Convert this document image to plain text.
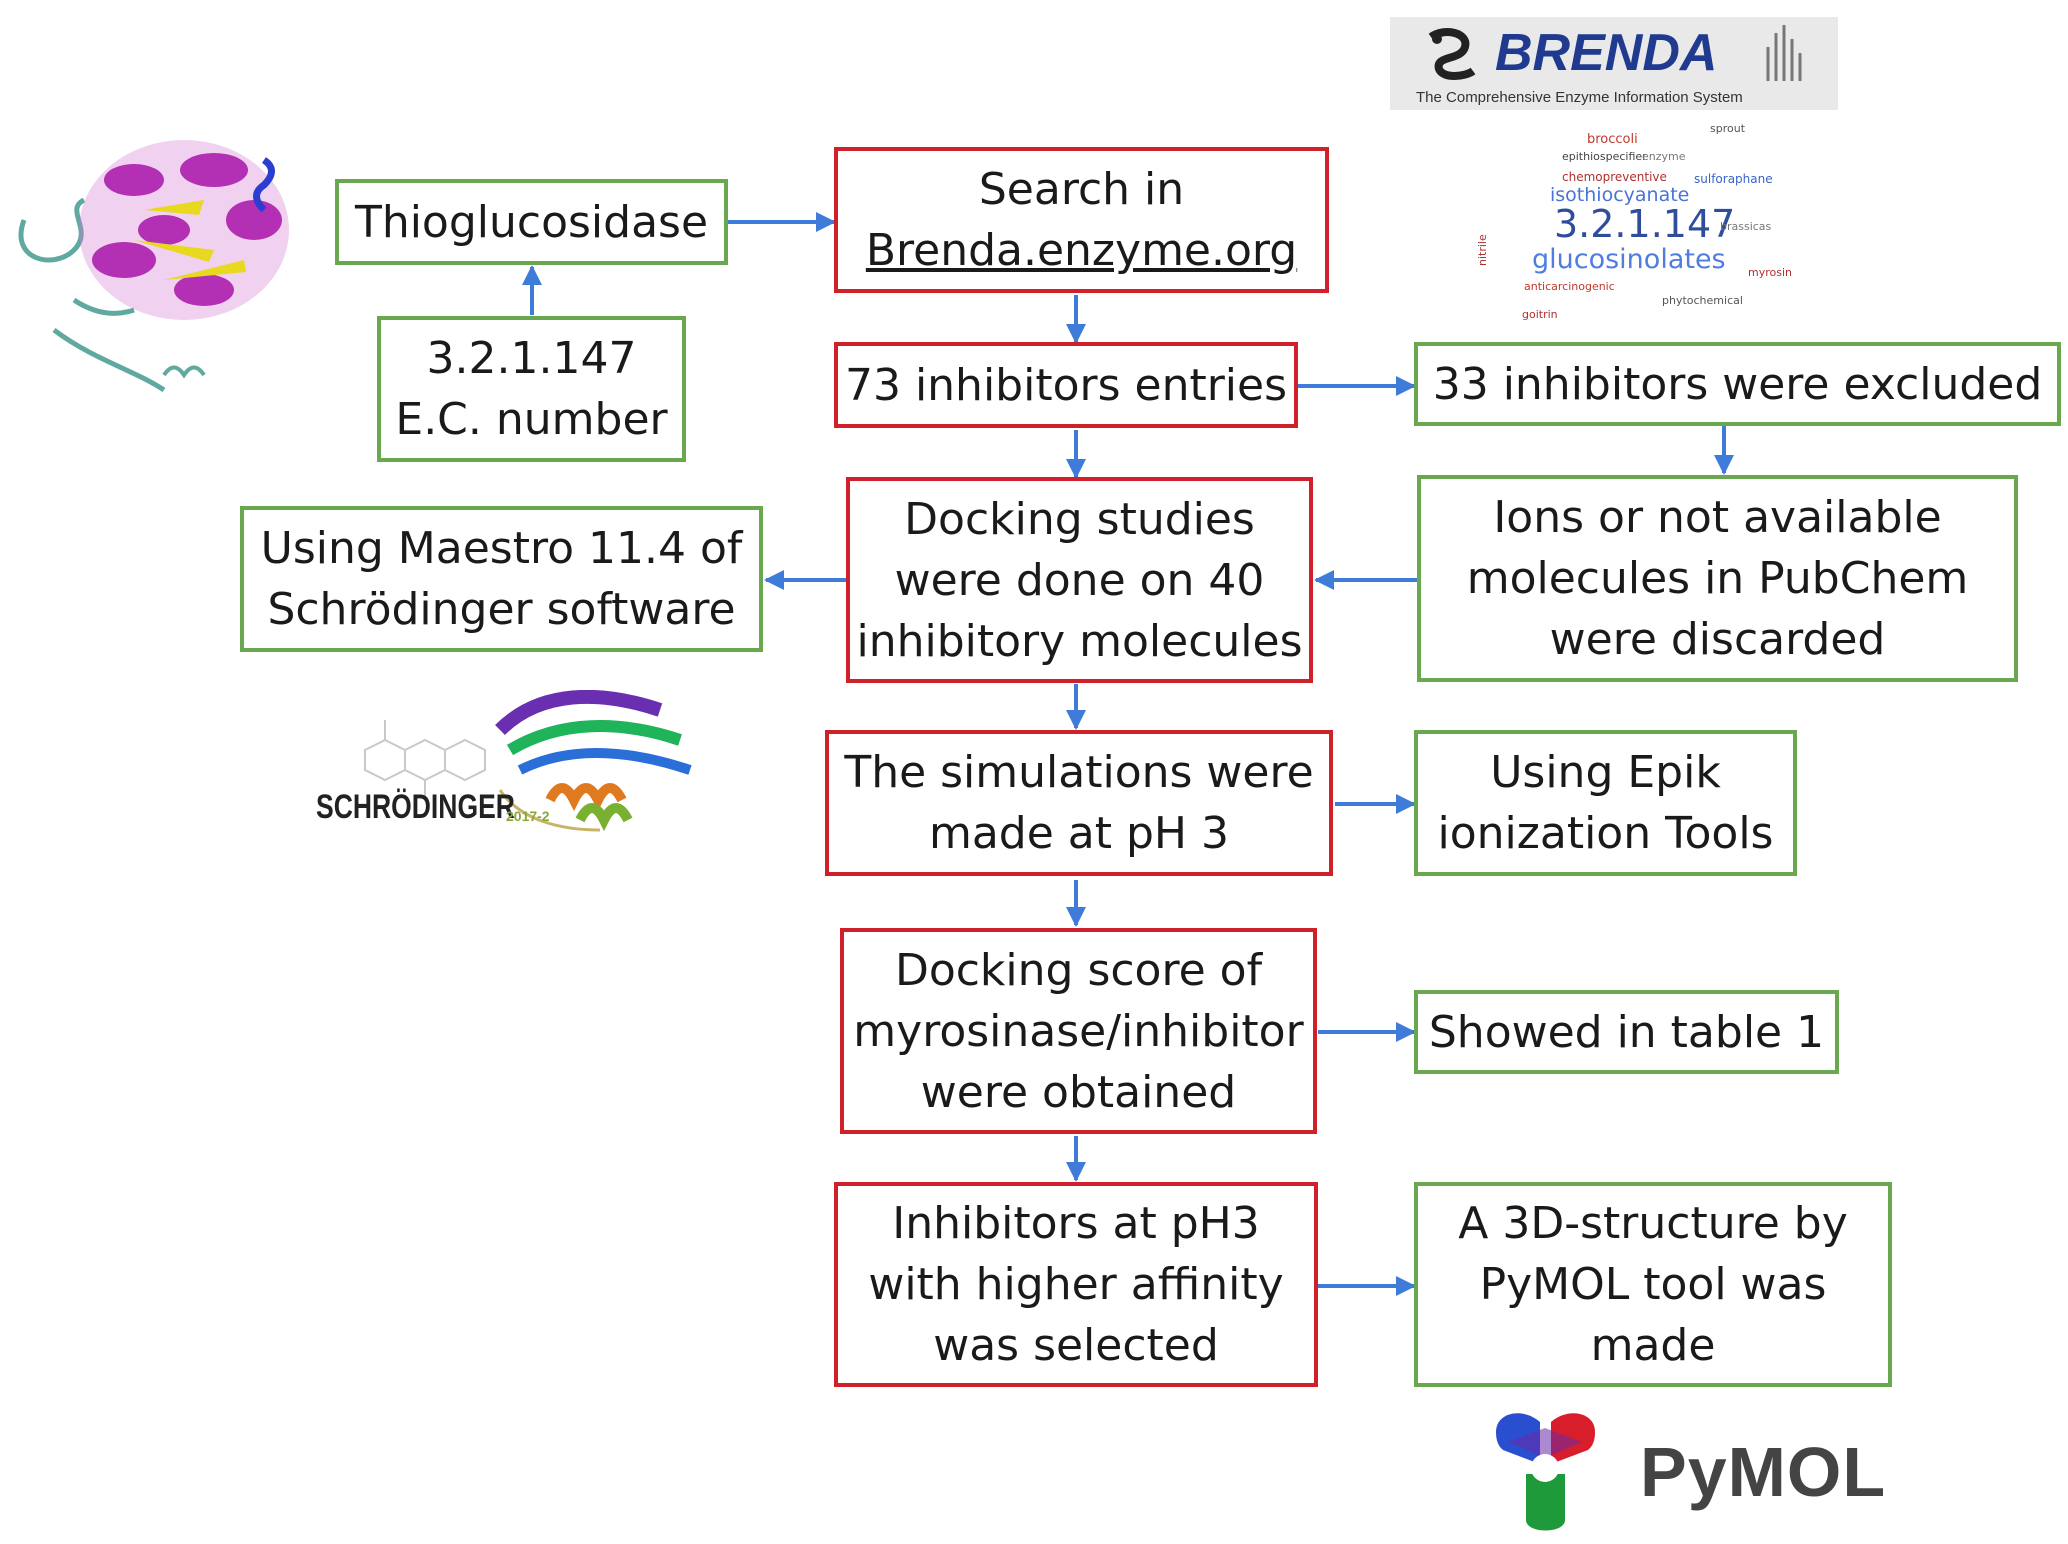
Search in
Brenda.enzyme.org
73 inhibitors entries
Docking studies
were done on 40
inhibitory molecules
The simulations were
made at pH 3
Docking score of
myrosinase/inhibitor
were obtained
Inhibitors at pH3
with higher affinity
was selected
Thioglucosidase
3.2.1.147
E.C. number
33 inhibitors were excluded
Ions or not available
molecules in PubChem
were discarded
Using Maestro 11.4 of
Schrödinger software
Using Epik
ionization Tools
Showed in table 1
A 3D-structure by
PyMOL tool was
made
BRENDA
The Comprehensive Enzyme Information System
broccoli
sprout
epithiospecifier
chemopreventive sulforaphane
isothiocyanate
3.2.1.147
brassicas
glucosinolates
anticarcinogenic
phytochemical
goitrin
nitrile
enzyme
myrosin
SCHRÖDINGER
2017-2
PyMOL
